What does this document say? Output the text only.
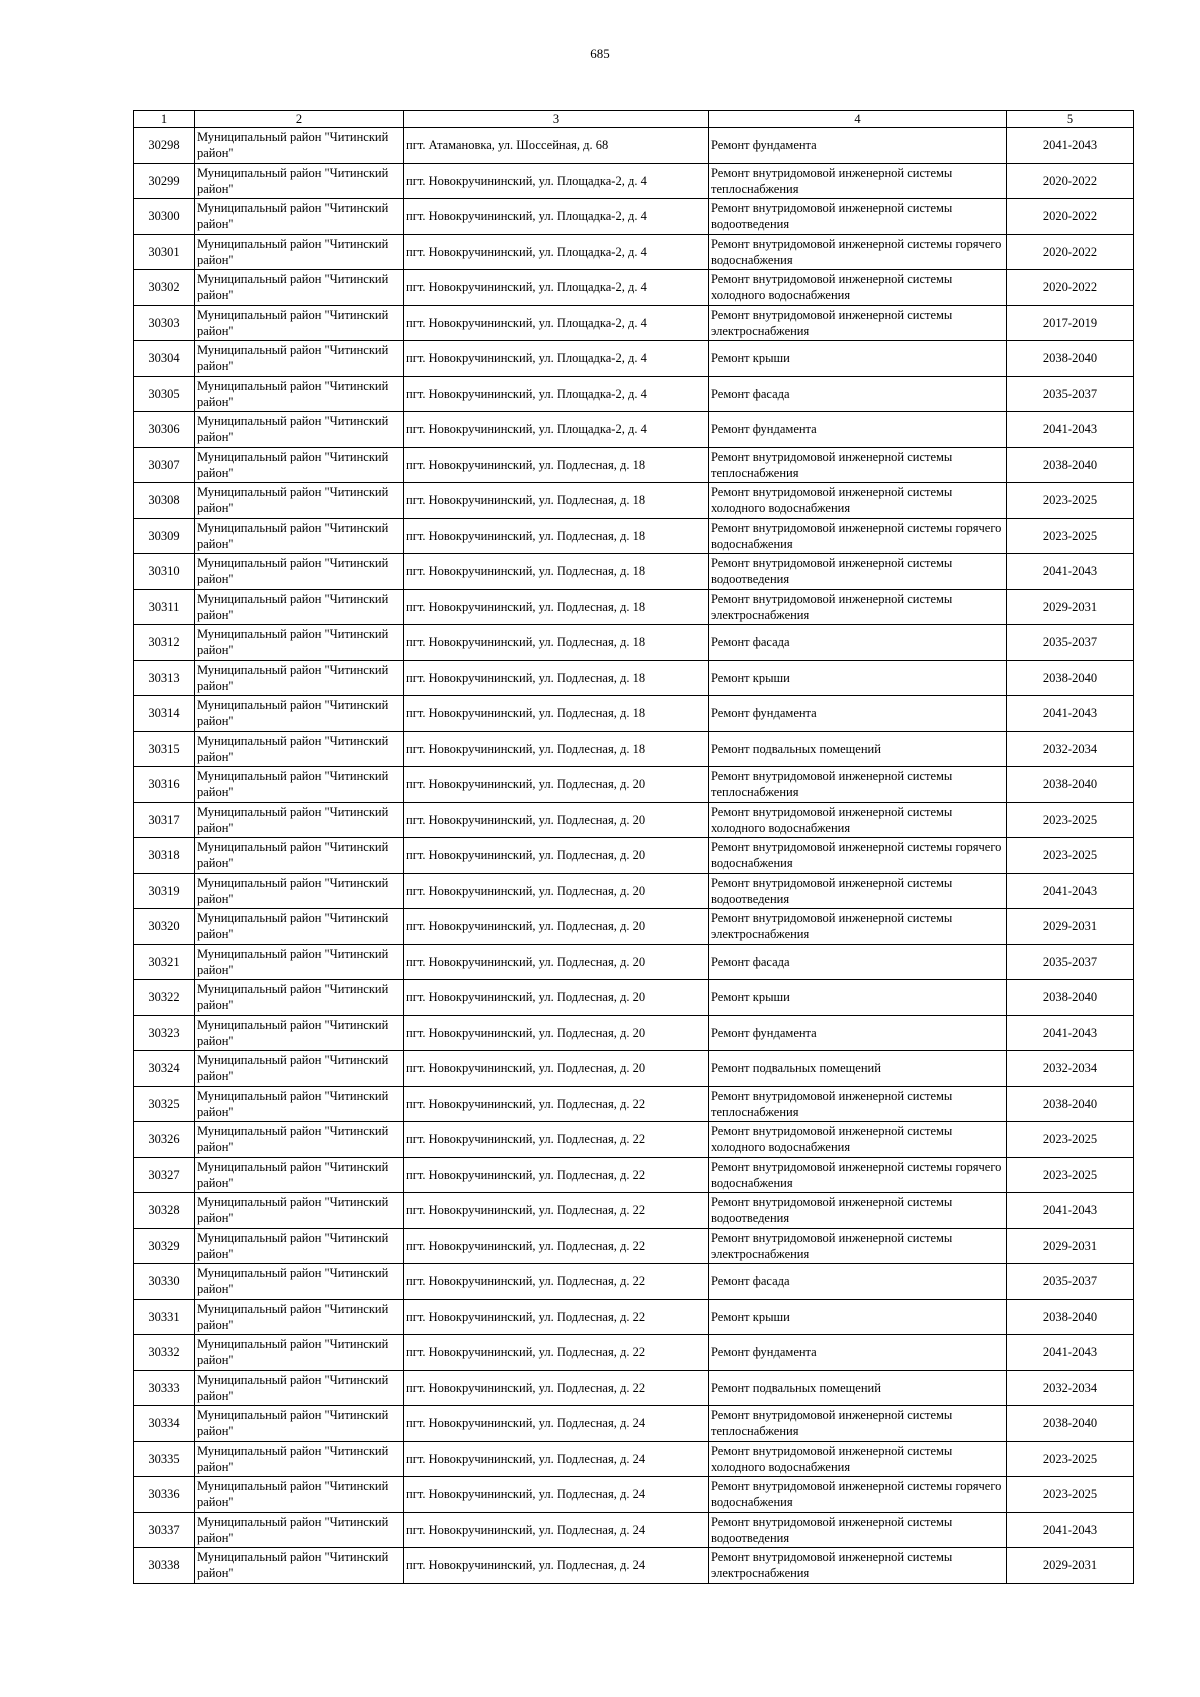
685
1	2	3	4	5
30298	Муниципальный район "Читинский район"	пгт. Атамановка, ул. Шоссейная, д. 68	Ремонт фундамента	2041-2043
30299	Муниципальный район "Читинский район"	пгт. Новокручининский, ул. Площадка-2, д. 4	Ремонт внутридомовой инженерной системы теплоснабжения	2020-2022
30300	Муниципальный район "Читинский район"	пгт. Новокручининский, ул. Площадка-2, д. 4	Ремонт внутридомовой инженерной системы водоотведения	2020-2022
30301	Муниципальный район "Читинский район"	пгт. Новокручининский, ул. Площадка-2, д. 4	Ремонт внутридомовой инженерной системы горячего водоснабжения	2020-2022
30302	Муниципальный район "Читинский район"	пгт. Новокручининский, ул. Площадка-2, д. 4	Ремонт внутридомовой инженерной системы холодного водоснабжения	2020-2022
30303	Муниципальный район "Читинский район"	пгт. Новокручининский, ул. Площадка-2, д. 4	Ремонт внутридомовой инженерной системы электроснабжения	2017-2019
30304	Муниципальный район "Читинский район"	пгт. Новокручининский, ул. Площадка-2, д. 4	Ремонт крыши	2038-2040
30305	Муниципальный район "Читинский район"	пгт. Новокручининский, ул. Площадка-2, д. 4	Ремонт фасада	2035-2037
30306	Муниципальный район "Читинский район"	пгт. Новокручининский, ул. Площадка-2, д. 4	Ремонт фундамента	2041-2043
30307	Муниципальный район "Читинский район"	пгт. Новокручининский, ул. Подлесная, д. 18	Ремонт внутридомовой инженерной системы теплоснабжения	2038-2040
30308	Муниципальный район "Читинский район"	пгт. Новокручининский, ул. Подлесная, д. 18	Ремонт внутридомовой инженерной системы холодного водоснабжения	2023-2025
30309	Муниципальный район "Читинский район"	пгт. Новокручининский, ул. Подлесная, д. 18	Ремонт внутридомовой инженерной системы горячего водоснабжения	2023-2025
30310	Муниципальный район "Читинский район"	пгт. Новокручининский, ул. Подлесная, д. 18	Ремонт внутридомовой инженерной системы водоотведения	2041-2043
30311	Муниципальный район "Читинский район"	пгт. Новокручининский, ул. Подлесная, д. 18	Ремонт внутридомовой инженерной системы электроснабжения	2029-2031
30312	Муниципальный район "Читинский район"	пгт. Новокручининский, ул. Подлесная, д. 18	Ремонт фасада	2035-2037
30313	Муниципальный район "Читинский район"	пгт. Новокручининский, ул. Подлесная, д. 18	Ремонт крыши	2038-2040
30314	Муниципальный район "Читинский район"	пгт. Новокручининский, ул. Подлесная, д. 18	Ремонт фундамента	2041-2043
30315	Муниципальный район "Читинский район"	пгт. Новокручининский, ул. Подлесная, д. 18	Ремонт подвальных помещений	2032-2034
30316	Муниципальный район "Читинский район"	пгт. Новокручининский, ул. Подлесная, д. 20	Ремонт внутридомовой инженерной системы теплоснабжения	2038-2040
30317	Муниципальный район "Читинский район"	пгт. Новокручининский, ул. Подлесная, д. 20	Ремонт внутридомовой инженерной системы холодного водоснабжения	2023-2025
30318	Муниципальный район "Читинский район"	пгт. Новокручининский, ул. Подлесная, д. 20	Ремонт внутридомовой инженерной системы горячего водоснабжения	2023-2025
30319	Муниципальный район "Читинский район"	пгт. Новокручининский, ул. Подлесная, д. 20	Ремонт внутридомовой инженерной системы водоотведения	2041-2043
30320	Муниципальный район "Читинский район"	пгт. Новокручининский, ул. Подлесная, д. 20	Ремонт внутридомовой инженерной системы электроснабжения	2029-2031
30321	Муниципальный район "Читинский район"	пгт. Новокручининский, ул. Подлесная, д. 20	Ремонт фасада	2035-2037
30322	Муниципальный район "Читинский район"	пгт. Новокручининский, ул. Подлесная, д. 20	Ремонт крыши	2038-2040
30323	Муниципальный район "Читинский район"	пгт. Новокручининский, ул. Подлесная, д. 20	Ремонт фундамента	2041-2043
30324	Муниципальный район "Читинский район"	пгт. Новокручининский, ул. Подлесная, д. 20	Ремонт подвальных помещений	2032-2034
30325	Муниципальный район "Читинский район"	пгт. Новокручининский, ул. Подлесная, д. 22	Ремонт внутридомовой инженерной системы теплоснабжения	2038-2040
30326	Муниципальный район "Читинский район"	пгт. Новокручининский, ул. Подлесная, д. 22	Ремонт внутридомовой инженерной системы холодного водоснабжения	2023-2025
30327	Муниципальный район "Читинский район"	пгт. Новокручининский, ул. Подлесная, д. 22	Ремонт внутридомовой инженерной системы горячего водоснабжения	2023-2025
30328	Муниципальный район "Читинский район"	пгт. Новокручининский, ул. Подлесная, д. 22	Ремонт внутридомовой инженерной системы водоотведения	2041-2043
30329	Муниципальный район "Читинский район"	пгт. Новокручининский, ул. Подлесная, д. 22	Ремонт внутридомовой инженерной системы электроснабжения	2029-2031
30330	Муниципальный район "Читинский район"	пгт. Новокручининский, ул. Подлесная, д. 22	Ремонт фасада	2035-2037
30331	Муниципальный район "Читинский район"	пгт. Новокручининский, ул. Подлесная, д. 22	Ремонт крыши	2038-2040
30332	Муниципальный район "Читинский район"	пгт. Новокручининский, ул. Подлесная, д. 22	Ремонт фундамента	2041-2043
30333	Муниципальный район "Читинский район"	пгт. Новокручининский, ул. Подлесная, д. 22	Ремонт подвальных помещений	2032-2034
30334	Муниципальный район "Читинский район"	пгт. Новокручининский, ул. Подлесная, д. 24	Ремонт внутридомовой инженерной системы теплоснабжения	2038-2040
30335	Муниципальный район "Читинский район"	пгт. Новокручининский, ул. Подлесная, д. 24	Ремонт внутридомовой инженерной системы холодного водоснабжения	2023-2025
30336	Муниципальный район "Читинский район"	пгт. Новокручининский, ул. Подлесная, д. 24	Ремонт внутридомовой инженерной системы горячего водоснабжения	2023-2025
30337	Муниципальный район "Читинский район"	пгт. Новокручининский, ул. Подлесная, д. 24	Ремонт внутридомовой инженерной системы водоотведения	2041-2043
30338	Муниципальный район "Читинский район"	пгт. Новокручининский, ул. Подлесная, д. 24	Ремонт внутридомовой инженерной системы электроснабжения	2029-2031
